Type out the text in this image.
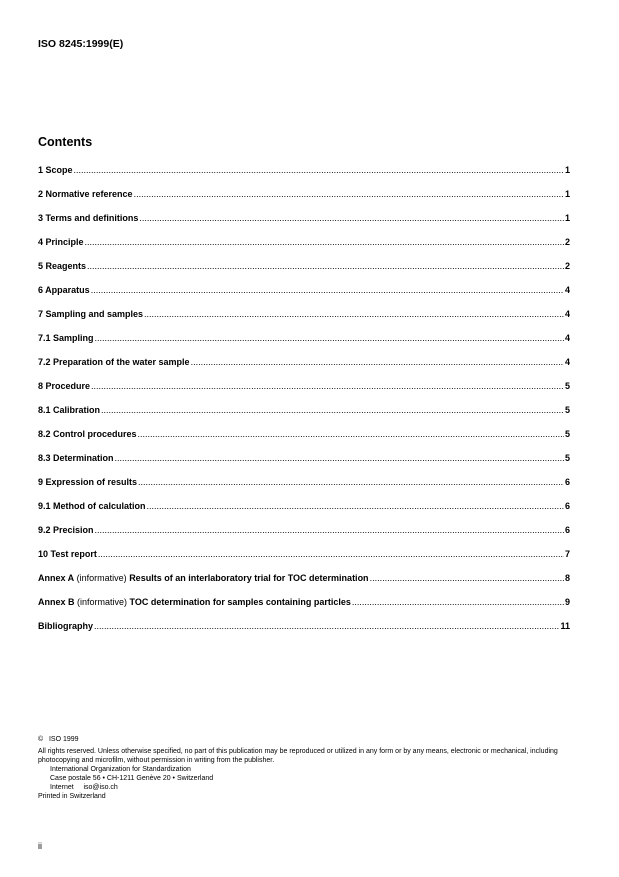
ISO 8245:1999(E)
Contents
1 Scope .....	1
2 Normative reference .....	1
3 Terms and definitions .....	1
4 Principle .....	2
5 Reagents .....	2
6 Apparatus .....	4
7 Sampling and samples .....	4
7.1 Sampling .....	4
7.2 Preparation of the water sample .....	4
8 Procedure .....	5
8.1 Calibration .....	5
8.2 Control procedures .....	5
8.3 Determination .....	5
9 Expression of results .....	6
9.1 Method of calculation .....	6
9.2 Precision .....	6
10 Test report .....	7
Annex A (informative) Results of an interlaboratory trial for TOC determination .....	8
Annex B (informative) TOC determination for samples containing particles .....	9
Bibliography .....	11
©   ISO 1999
All rights reserved. Unless otherwise specified, no part of this publication may be reproduced or utilized in any form or by any means, electronic or mechanical, including photocopying and microfilm, without permission in writing from the publisher.
International Organization for Standardization
Case postale 56 • CH-1211 Genève 20 • Switzerland
Internet     iso@iso.ch
Printed in Switzerland
ii
